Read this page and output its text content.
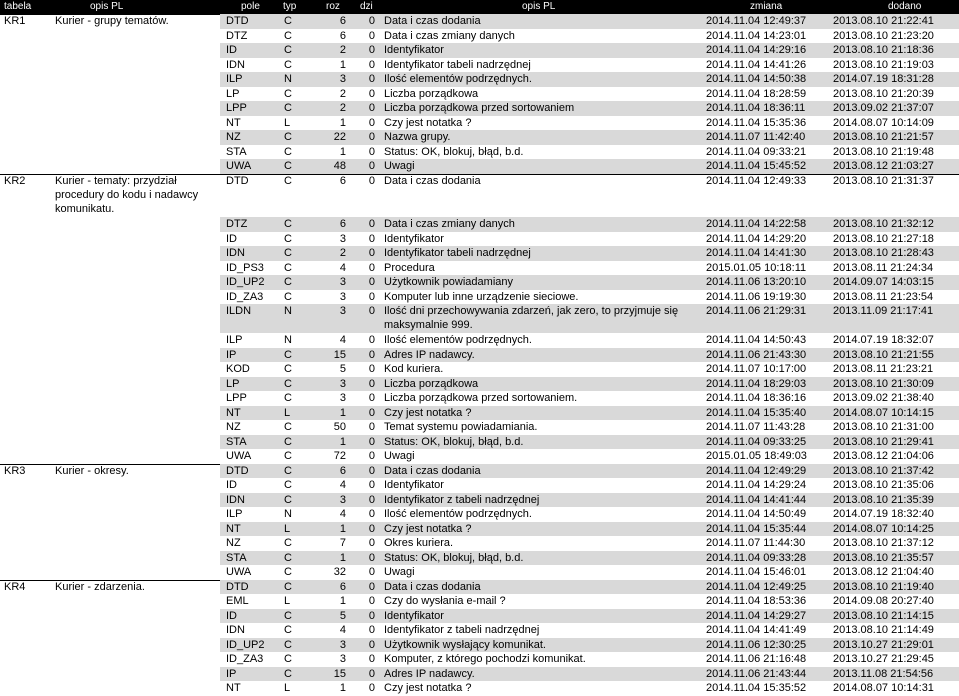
tabela	opis PL	pole typ	roz dzi	opis PL	zmiana	dodano
KR1	Kurier - grupy tematów.	DTD	C	6	0 Data i czas dodania	2014.11.04 12:49:37 2013.08.10 21:22:41
DTZ	C	6	0 Data i czas zmiany danych	2014.11.04 14:23:01 2013.08.10 21:23:20
ID	C	2	0 Identyfikator	2014.11.04 14:29:16 2013.08.10 21:18:36
IDN	C	1	0 Identyfikator tabeli nadrzędnej	2014.11.04 14:41:26 2013.08.10 21:19:03
ILP	N	3	0 Ilość elementów podrzędnych.	2014.11.04 14:50:38 2014.07.19 18:31:28
LP	C	2	0 Liczba porządkowa	2014.11.04 18:28:59 2013.08.10 21:20:39
LPP	C	2	0 Liczba porządkowa przed sortowaniem	2014.11.04 18:36:11	2013.09.02 21:37:07
NT	L	1	0 Czy jest notatka ?	2014.11.04 15:35:36 2014.08.07 10:14:09
NZ	C	22	0 Nazwa grupy.	2014.11.07 11:42:40	2013.08.10 21:21:57
STA	C	1	0 Status: OK, blokuj, błąd, b.d.	2014.11.04 09:33:21 2013.08.10 21:19:48
UWA	C	48	0 Uwagi	2014.11.04 15:45:52 2013.08.12 21:03:27
KR2	Kurier - tematy: przydział procedury do kodu i nadawcy komunikatu.
DTD	C	6	0 Data i czas dodania	2014.11.04 12:49:33 2013.08.10 21:31:37
DTZ	C	6	0 Data i czas zmiany danych	2014.11.04 14:22:58 2013.08.10 21:32:12
ID	C	3	0 Identyfikator	2014.11.04 14:29:20 2013.08.10 21:27:18
IDN	C	2	0 Identyfikator tabeli nadrzędnej	2014.11.04 14:41:30 2013.08.10 21:28:43
ID_PS3 C	4	0 Procedura	2015.01.05 10:18:11 2013.08.11 21:24:34
ID_UP2 C	3	0 Użytkownik powiadamiany	2014.11.06 13:20:10 2014.09.07 14:03:15
ID_ZA3 C	3	0 Komputer lub inne urządzenie sieciowe.	2014.11.06 19:19:30 2013.08.11 21:23:54
ILDN	N	3	0 Ilość dni przechowywania zdarzeń, jak zero, to przyjmuje się maksymalnie 999.
2014.11.06 21:29:31 2013.11.09 21:17:41
ILP	N	4	0 Ilość elementów podrzędnych.	2014.11.04 14:50:43 2014.07.19 18:32:07
IP	C	15	0 Adres IP nadawcy.	2014.11.06 21:43:30 2013.08.10 21:21:55
KOD	C	5	0 Kod kuriera.	2014.11.07 10:17:00 2013.08.11 21:23:21
LP	C	3	0 Liczba porządkowa	2014.11.04 18:29:03 2013.08.10 21:30:09
LPP	C	3	0 Liczba porządkowa przed sortowaniem.	2014.11.04 18:36:16 2013.09.02 21:38:40
NT	L	1	0 Czy jest notatka ?	2014.11.04 15:35:40 2014.08.07 10:14:15
NZ	C	50	0 Temat systemu powiadamiania.	2014.11.07 11:43:28	2013.08.10 21:31:00
STA	C	1	0 Status: OK, blokuj, błąd, b.d.	2014.11.04 09:33:25 2013.08.10 21:29:41
UWA	C	72	0 Uwagi	2015.01.05 18:49:03 2013.08.12 21:04:06
KR3	Kurier - okresy.	DTD	C	6	0 Data i czas dodania	2014.11.04 12:49:29 2013.08.10 21:37:42
ID	C	4	0 Identyfikator	2014.11.04 14:29:24 2013.08.10 21:35:06
IDN	C	3	0 Identyfikator z tabeli nadrzędnej	2014.11.04 14:41:44 2013.08.10 21:35:39
ILP	N	4	0 Ilość elementów podrzędnych.	2014.11.04 14:50:49 2014.07.19 18:32:40
NT	L	1	0 Czy jest notatka ?	2014.11.04 15:35:44 2014.08.07 10:14:25
NZ	C	7	0 Okres kuriera.	2014.11.07 11:44:30	2013.08.10 21:37:12
STA	C	1	0 Status: OK, blokuj, błąd, b.d.	2014.11.04 09:33:28 2013.08.10 21:35:57
UWA	C	32	0 Uwagi	2014.11.04 15:46:01 2013.08.12 21:04:40
KR4	Kurier - zdarzenia.	DTD	C	6	0 Data i czas dodania	2014.11.04 12:49:25 2013.08.10 21:19:40
EML	L	1	0 Czy do wysłania e-mail ?	2014.11.04 18:53:36 2014.09.08 20:27:40
ID	C	5	0 Identyfikator	2014.11.04 14:29:27 2013.08.10 21:14:15
IDN	C	4	0 Identyfikator z tabeli nadrzędnej	2014.11.04 14:41:49 2013.08.10 21:14:49
ID_UP2 C	3	0 Użytkownik wysłający komunikat.	2014.11.06 12:30:25 2013.10.27 21:29:01
ID_ZA3 C	3	0 Komputer, z którego pochodzi komunikat.	2014.11.06 21:16:48 2013.10.27 21:29:45
IP	C	15	0 Adres IP nadawcy.	2014.11.06 21:43:44 2013.11.08 21:54:56
NT	L	1	0 Czy jest notatka ?	2014.11.04 15:35:52 2014.08.07 10:14:31
